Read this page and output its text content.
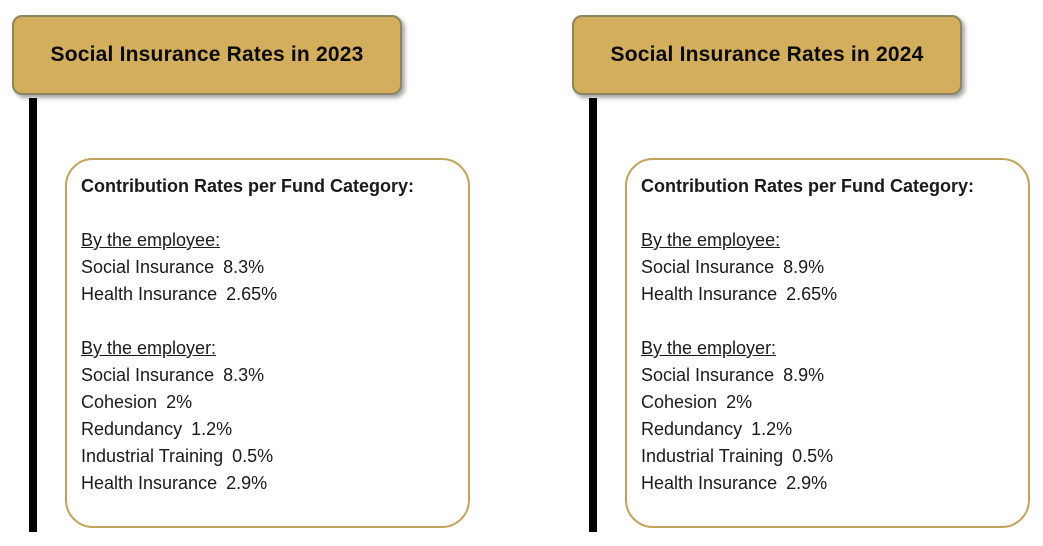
Social Insurance Rates in 2023
Contribution Rates per Fund Category:
By the employee:
Social Insurance 8.3%
Health Insurance 2.65%
By the employer:
Social Insurance 8.3%
Cohesion 2%
Redundancy 1.2%
Industrial Training 0.5%
Health Insurance 2.9%
Social Insurance Rates in 2024
Contribution Rates per Fund Category:
By the employee:
Social Insurance 8.9%
Health Insurance 2.65%
By the employer:
Social Insurance 8.9%
Cohesion 2%
Redundancy 1.2%
Industrial Training 0.5%
Health Insurance 2.9%
